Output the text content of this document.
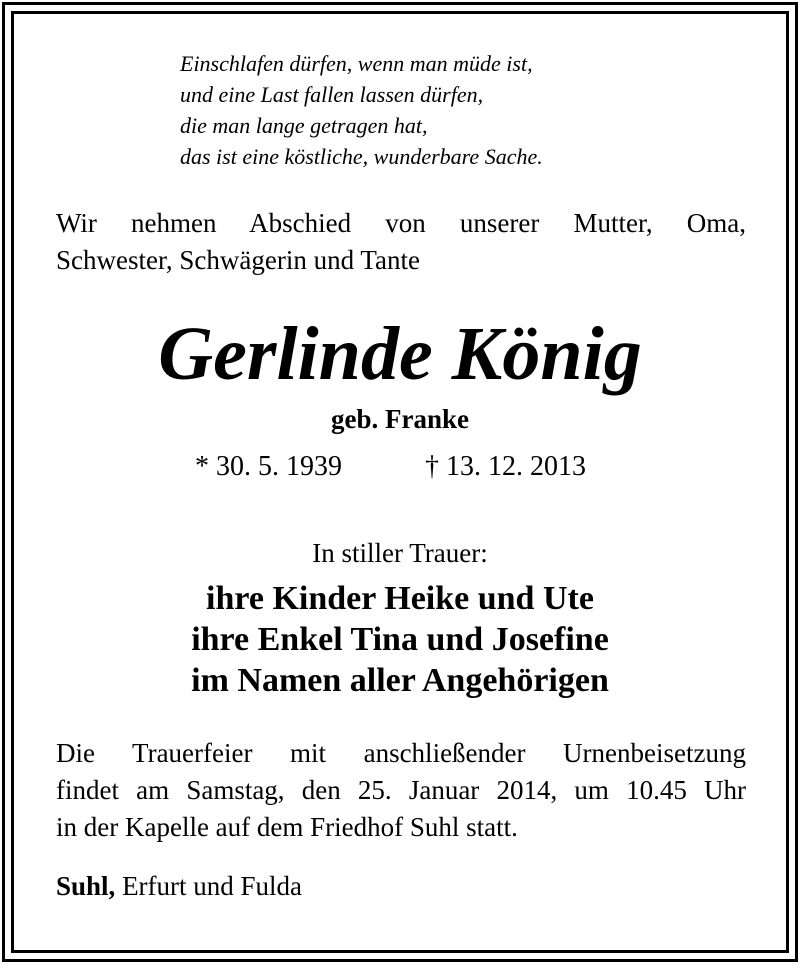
Einschlafen dürfen, wenn man müde ist,
und eine Last fallen lassen dürfen,
die man lange getragen hat,
das ist eine köstliche, wunderbare Sache.
Wir nehmen Abschied von unserer Mutter, Oma,
Schwester, Schwägerin und Tante
Gerlinde König
geb. Franke
* 30. 5. 1939	† 13. 12. 2013
In stiller Trauer:
ihre Kinder Heike und Ute
ihre Enkel Tina und Josefine
im Namen aller Angehörigen
Die Trauerfeier mit anschließender Urnenbeisetzung
findet am Samstag, den 25. Januar 2014, um 10.45 Uhr
in der Kapelle auf dem Friedhof Suhl statt.
Suhl, Erfurt und Fulda
